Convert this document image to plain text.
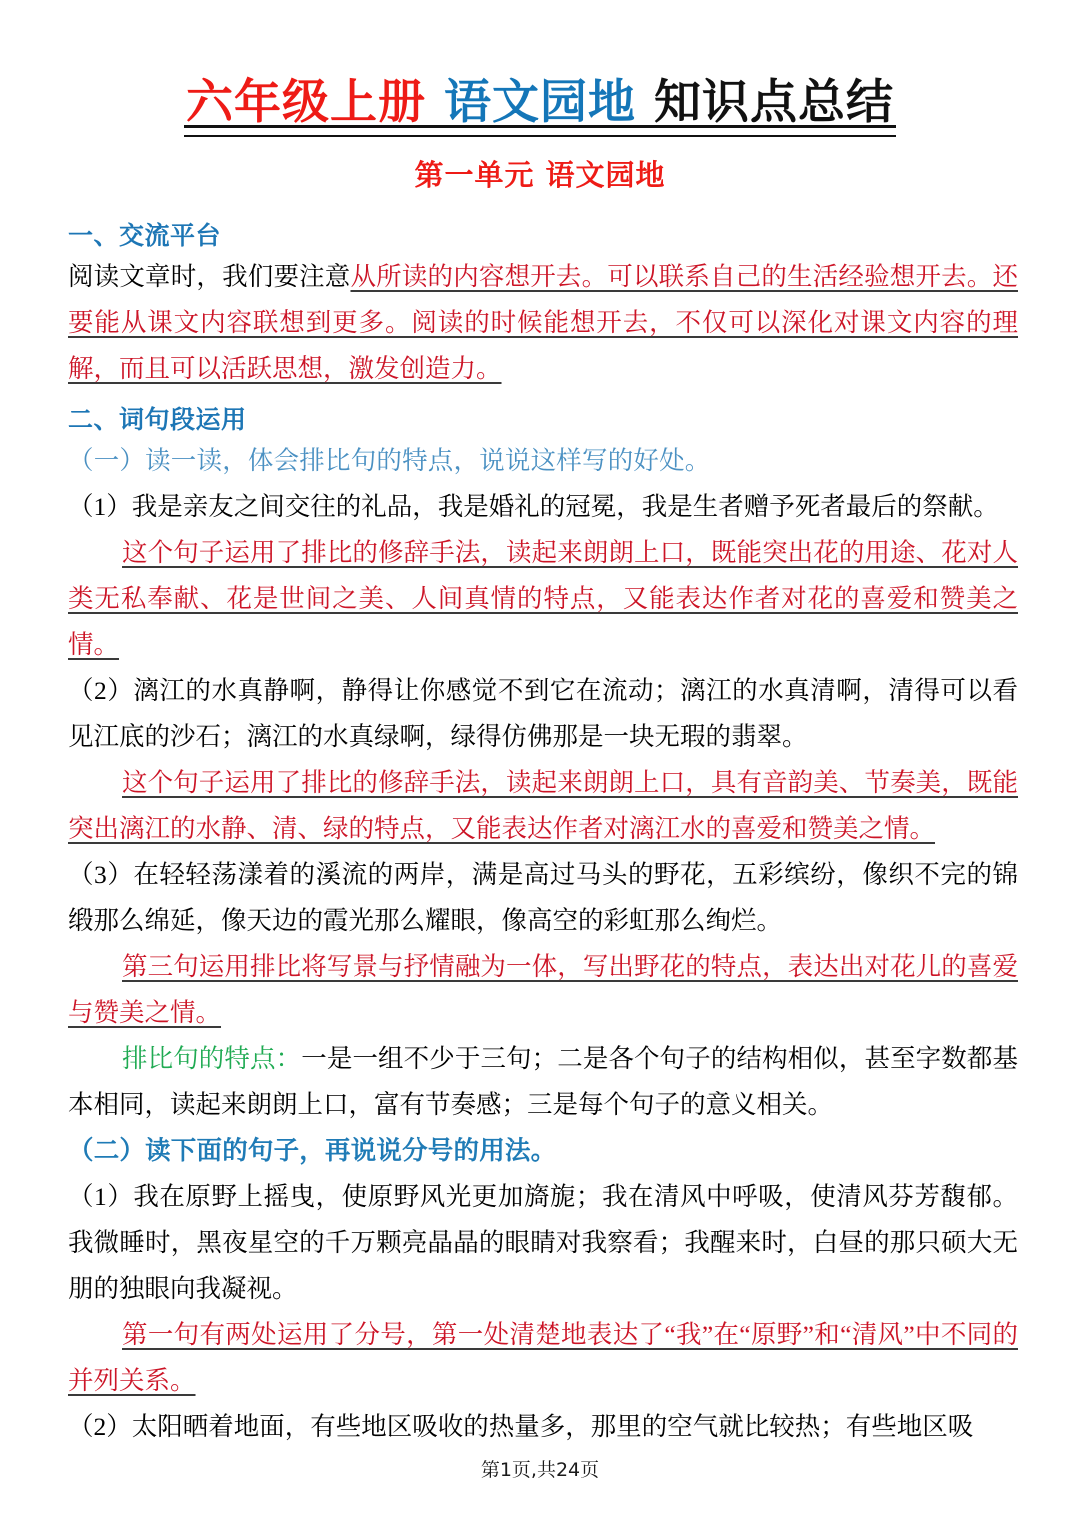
六年级上册 语文园地 知识点总结
第一单元 语文园地
一、交流平台

阅读文章时，我们要注意从所读的内容想开去。可以联系自己的生活经验想开去。还要能从课文内容联想到更多。阅读的时候能想开去，不仅可以深化对课文内容的理解，而且可以活跃思想，激发创造力。

二、词句段运用

（一）读一读，体会排比句的特点，说说这样写的好处。

（1）我是亲友之间交往的礼品，我是婚礼的冠冕，我是生者赠予死者最后的祭献。

这个句子运用了排比的修辞手法，读起来朗朗上口，既能突出花的用途、花对人类无私奉献、花是世间之美、人间真情的特点，又能表达作者对花的喜爱和赞美之情。

（2）漓江的水真静啊，静得让你感觉不到它在流动；漓江的水真清啊，清得可以看见江底的沙石；漓江的水真绿啊，绿得仿佛那是一块无瑕的翡翠。

这个句子运用了排比的修辞手法，读起来朗朗上口，具有音韵美、节奏美，既能突出漓江的水静、清、绿的特点，又能表达作者对漓江水的喜爱和赞美之情。

（3）在轻轻荡漾着的溪流的两岸，满是高过马头的野花，五彩缤纷，像织不完的锦缎那么绵延，像天边的霞光那么耀眼，像高空的彩虹那么绚烂。

第三句运用排比将写景与抒情融为一体，写出野花的特点，表达出对花儿的喜爱与赞美之情。

排比句的特点：一是一组不少于三句；二是各个句子的结构相似，甚至字数都基本相同，读起来朗朗上口，富有节奏感；三是每个句子的意义相关。

（二）读下面的句子，再说说分号的用法。

（1）我在原野上摇曳，使原野风光更加旖旎；我在清风中呼吸，使清风芬芳馥郁。我微睡时，黑夜星空的千万颗亮晶晶的眼睛对我察看；我醒来时，白昼的那只硕大无朋的独眼向我凝视。

第一句有两处运用了分号，第一处清楚地表达了“我”在“原野”和“清风”中不同的并列关系。

（2）太阳晒着地面，有些地区吸收的热量多，那里的空气就比较热；有些地区吸

第1页,共24页
